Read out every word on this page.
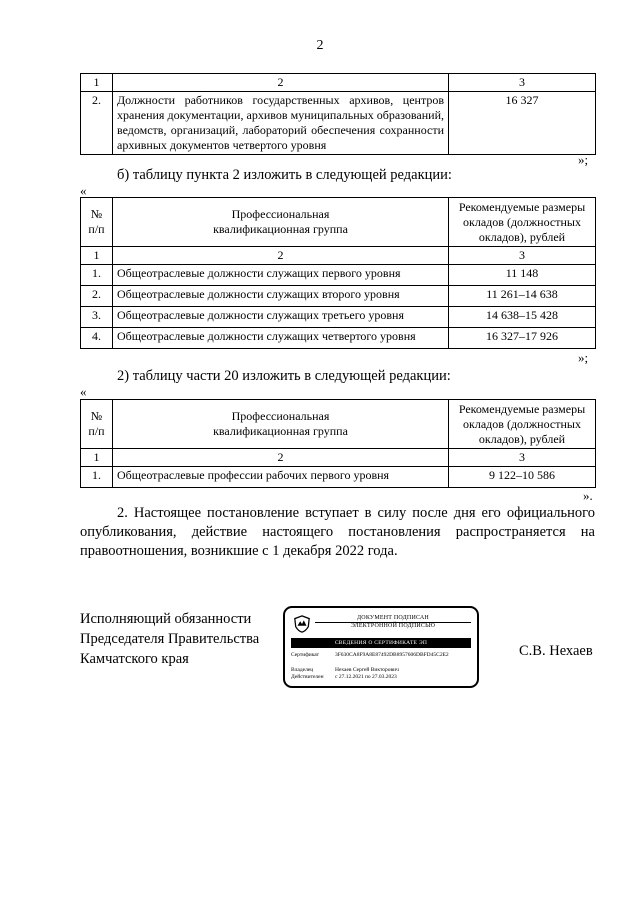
2
1	2	3
2.	Должности работников государственных архивов, центров хранения документации, архивов муниципальных образований, ведомств, организаций, лабораторий обеспечения сохранности архивных документов четвертого уровня	16 327
»;
б) таблицу пункта 2 изложить в следующей редакции:
«
№ п/п	Профессиональная квалификационная группа	Рекомендуемые размеры окладов (должностных окладов), рублей
1	2	3
1.	Общеотраслевые должности служащих первого уровня	11 148
2.	Общеотраслевые должности служащих второго уровня	11 261–14 638
3.	Общеотраслевые должности служащих третьего уровня	14 638–15 428
4.	Общеотраслевые должности служащих четвертого уровня	16 327–17 926
»;
2) таблицу части 20 изложить в следующей редакции:
«
№ п/п	Профессиональная квалификационная группа	Рекомендуемые размеры окладов (должностных окладов), рублей
1	2	3
1.	Общеотраслевые профессии рабочих первого уровня	9 122–10 586
».
2. Настоящее постановление вступает в силу после дня его официального
опубликования, действие настоящего постановления распространяется на
правоотношения, возникшие с 1 декабря 2022 года.
Исполняющий обязанности
Председателя Правительства
Камчатского края	С.В. Нехаев
ДОКУМЕНТ ПОДПИСАН
ЭЛЕКТРОННОЙ ПОДПИСЬЮ
СВЕДЕНИЯ О СЕРТИФИКАТЕ ЭП
Сертификат	3F630CA8F9A8E87492DB8957606DBFD45C2E2
Владелец	Нехаев Сергей Викторович
Действителен с 27.12.2021 по 27.03.2023
